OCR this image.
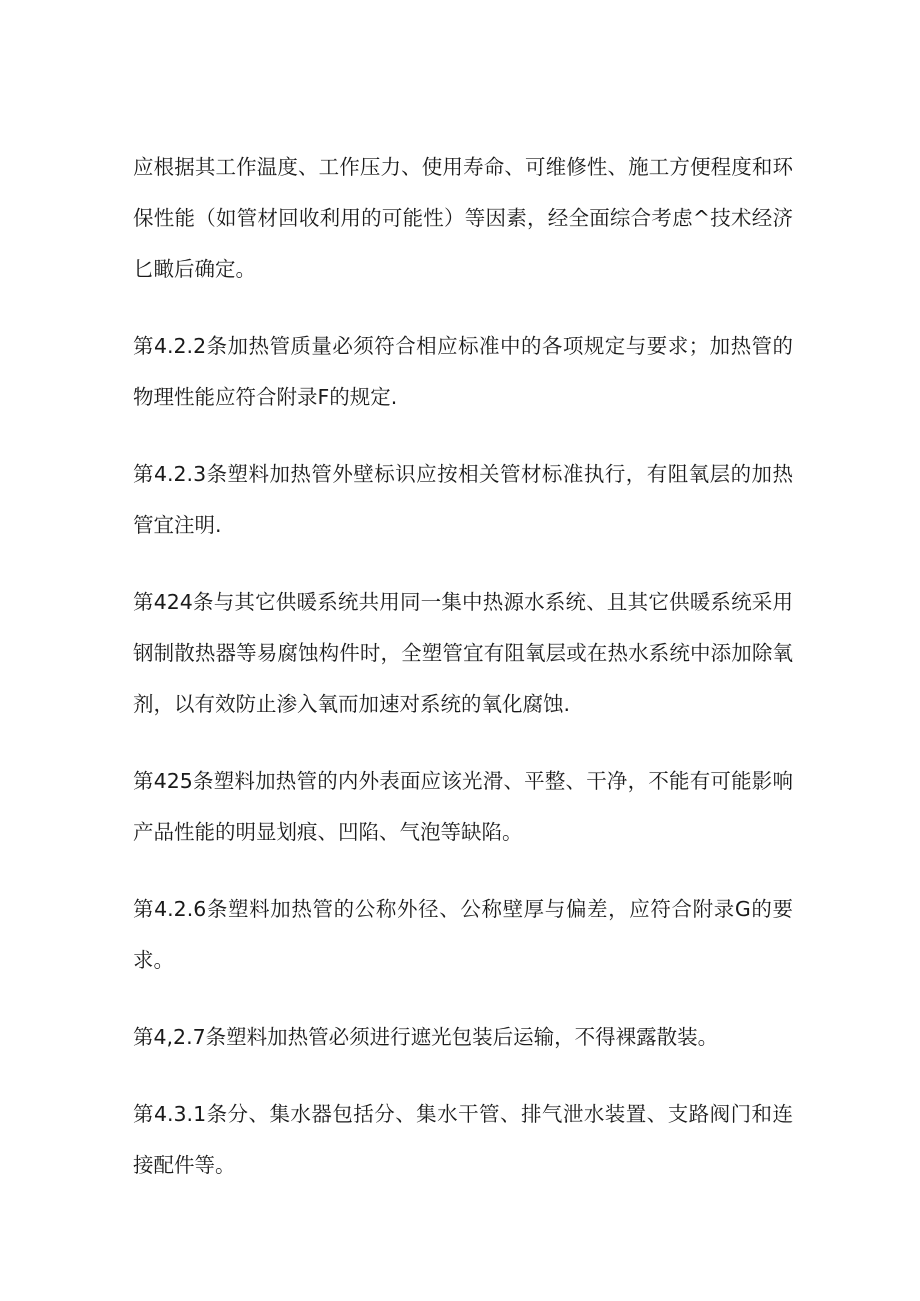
应根据其工作温度、工作压力、使用寿命、可维修性、施工方便程度和环保性能（如管材回收利用的可能性）等因素，经全面综合考虑^技术经济匕瞰后确定。

第4.2.2条加热管质量必须符合相应标准中的各项规定与要求；加热管的物理性能应符合附录F的规定.

第4.2.3条塑料加热管外壁标识应按相关管材标准执行，有阻氧层的加热管宜注明.

第424条与其它供暖系统共用同一集中热源水系统、且其它供暖系统采用钢制散热器等易腐蚀构件时，全塑管宜有阻氧层或在热水系统中添加除氧剂，以有效防止渗入氧而加速对系统的氧化腐蚀.

第425条塑料加热管的内外表面应该光滑、平整、干净，不能有可能影响产品性能的明显划痕、凹陷、气泡等缺陷。

第4.2.6条塑料加热管的公称外径、公称壁厚与偏差，应符合附录G的要求。

第4,2.7条塑料加热管必须进行遮光包装后运输，不得裸露散装。

第4.3.1条分、集水器包括分、集水干管、排气泄水装置、支路阀门和连接配件等。
